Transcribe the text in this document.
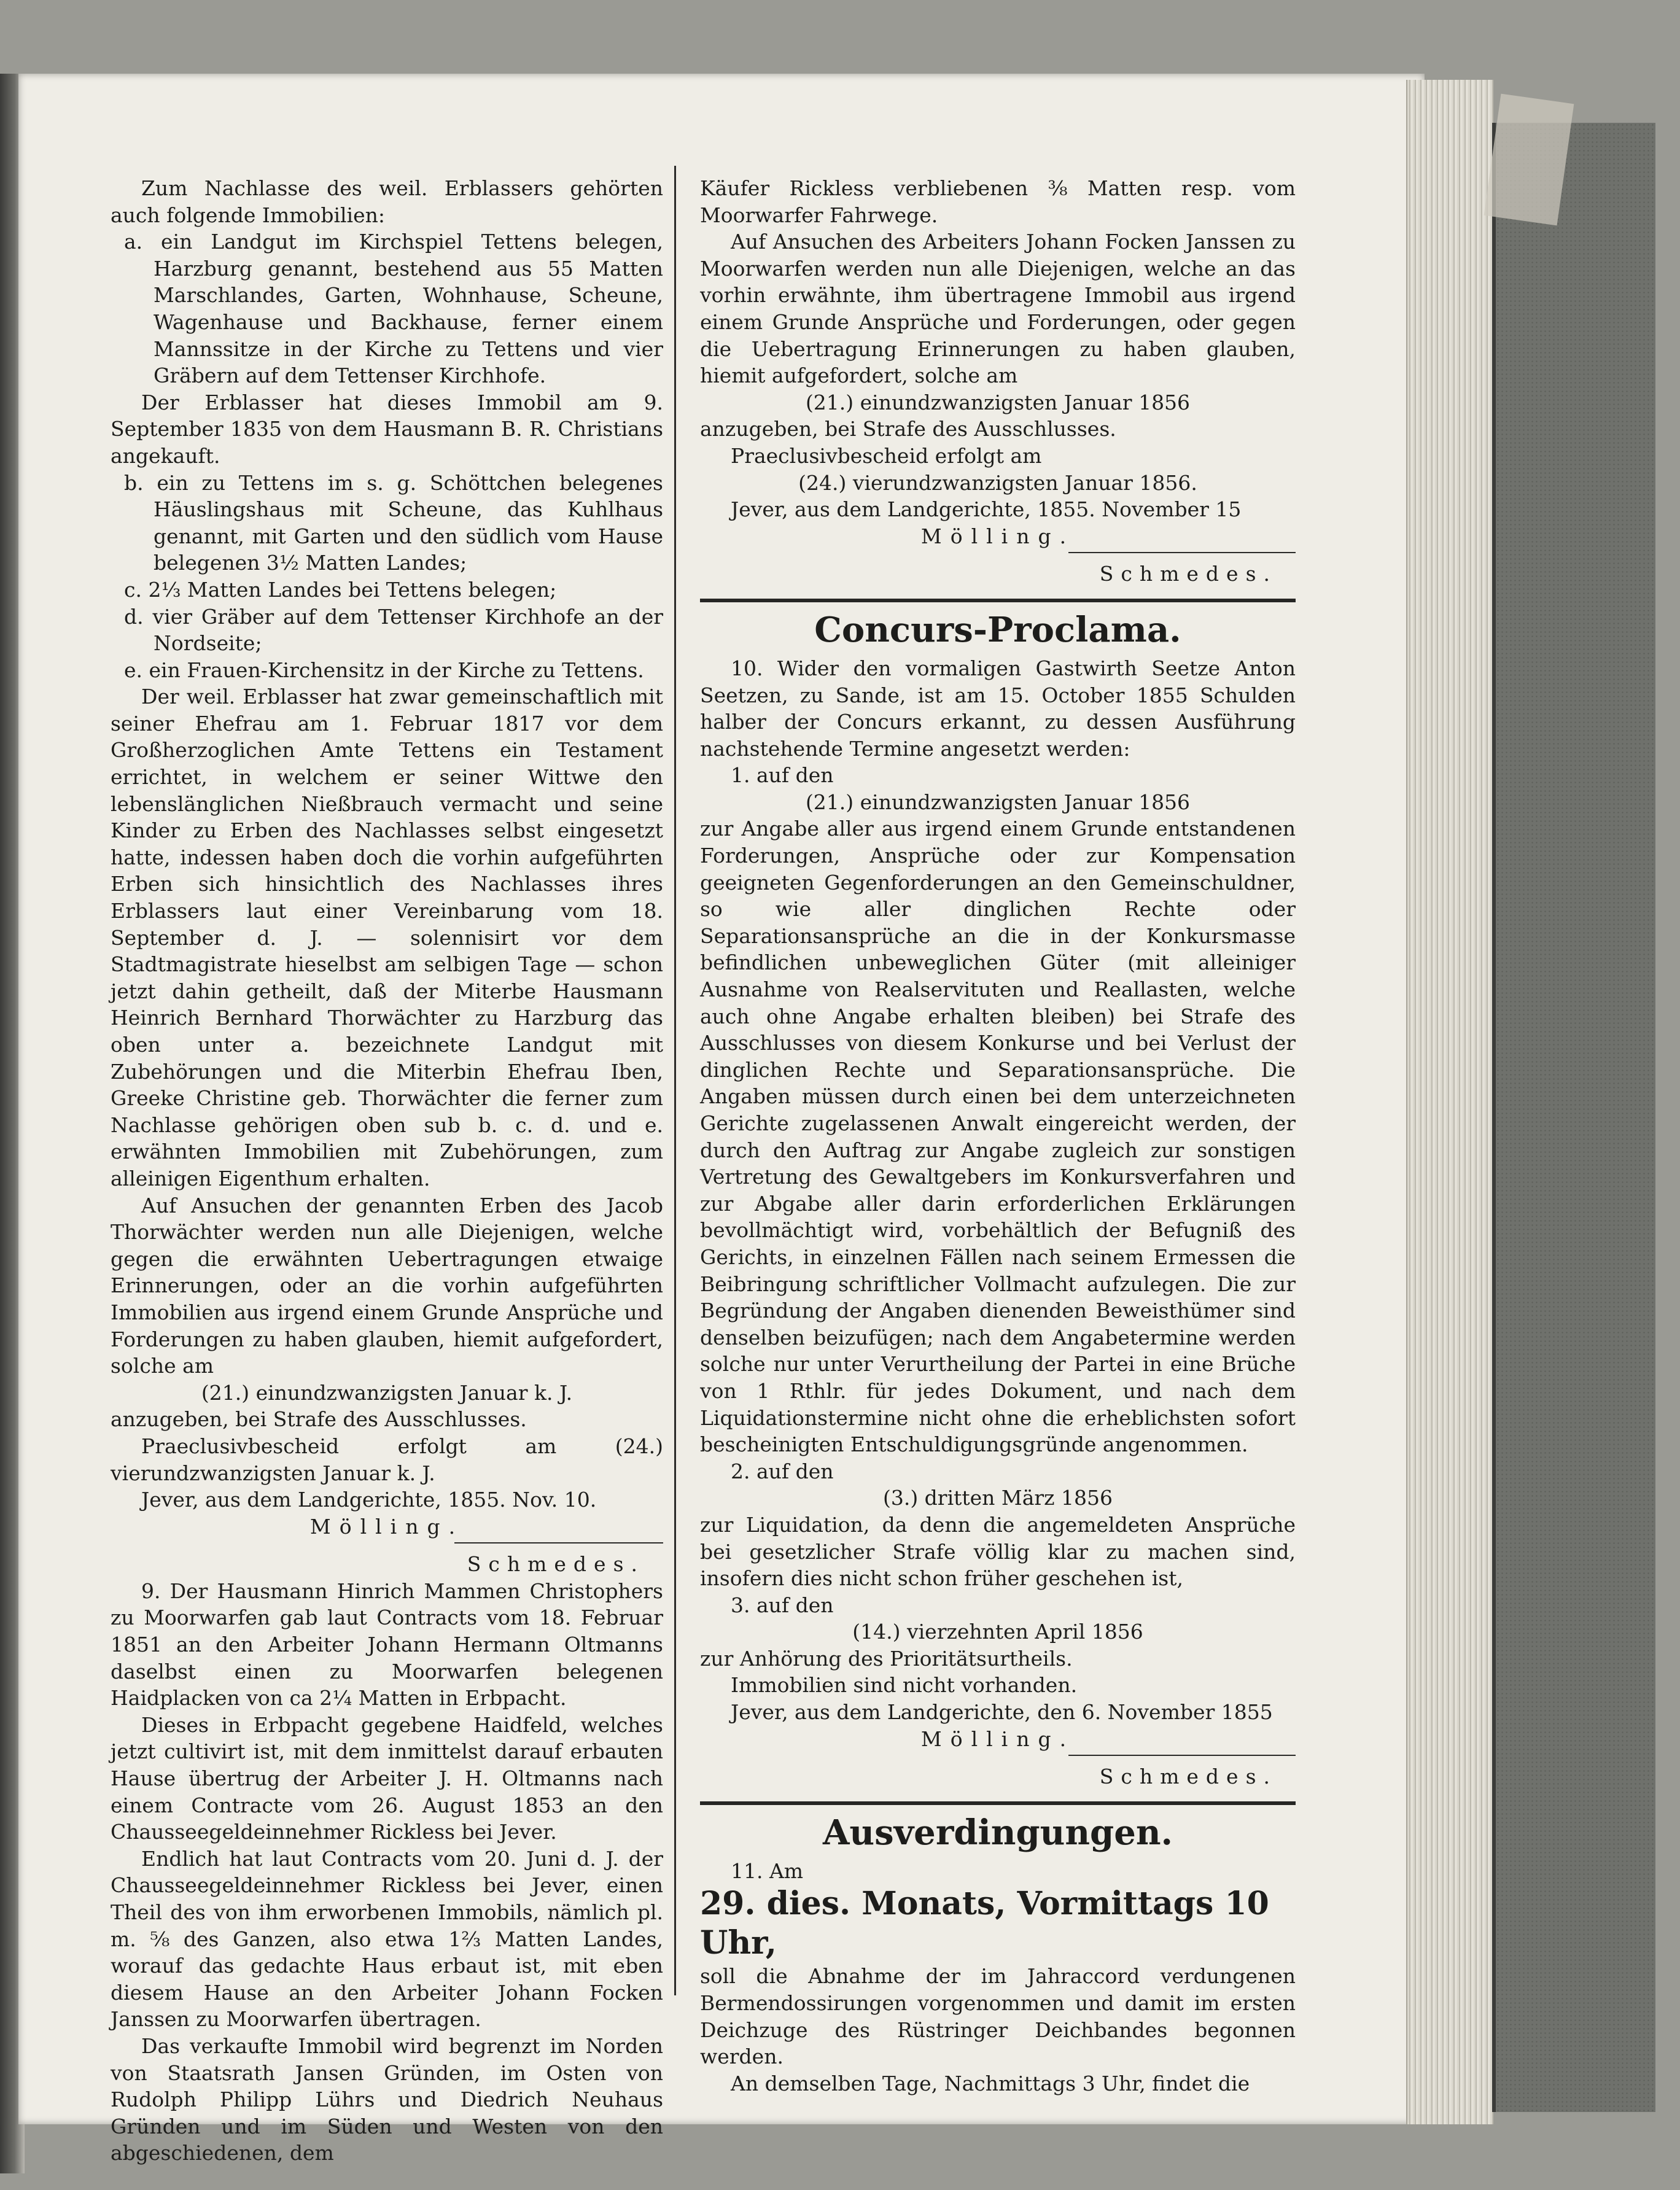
Zum Nachlasse des weil. Erblassers gehörten auch folgende Immobilien:

a. ein Landgut im Kirchspiel Tettens belegen, Harzburg genannt, bestehend aus 55 Matten Marschlandes, Garten, Wohnhause, Scheune, Wagenhause und Backhause, ferner einem Mannssitze in der Kirche zu Tettens und vier Gräbern auf dem Tettenser Kirchhofe.

Der Erblasser hat dieses Immobil am 9. September 1835 von dem Hausmann B. R. Christians angekauft.

b. ein zu Tettens im s. g. Schöttchen belegenes Häuslingshaus mit Scheune, das Kuhlhaus genannt, mit Garten und den südlich vom Hause belegenen 3½ Matten Landes;

c. 2⅓ Matten Landes bei Tettens belegen;

d. vier Gräber auf dem Tettenser Kirchhofe an der Nordseite;

e. ein Frauen-Kirchensitz in der Kirche zu Tettens.

Der weil. Erblasser hat zwar gemeinschaftlich mit seiner Ehefrau am 1. Februar 1817 vor dem Großherzoglichen Amte Tettens ein Testament errichtet, in welchem er seiner Wittwe den lebenslänglichen Nießbrauch vermacht und seine Kinder zu Erben des Nachlasses selbst eingesetzt hatte, indessen haben doch die vorhin aufgeführten Erben sich hinsichtlich des Nachlasses ihres Erblassers laut einer Vereinbarung vom 18. September d. J. — solennisirt vor dem Stadtmagistrate hieselbst am selbigen Tage — schon jetzt dahin getheilt, daß der Miterbe Hausmann Heinrich Bernhard Thorwächter zu Harzburg das oben unter a. bezeichnete Landgut mit Zubehörungen und die Miterbin Ehefrau Iben, Greeke Christine geb. Thorwächter die ferner zum Nachlasse gehörigen oben sub b. c. d. und e. erwähnten Immobilien mit Zubehörungen, zum alleinigen Eigenthum erhalten.

Auf Ansuchen der genannten Erben des Jacob Thorwächter werden nun alle Diejenigen, welche gegen die erwähnten Uebertragungen etwaige Erinnerungen, oder an die vorhin aufgeführten Immobilien aus irgend einem Grunde Ansprüche und Forderungen zu haben glauben, hiemit aufgefordert, solche am

(21.) einundzwanzigsten Januar k. J.

anzugeben, bei Strafe des Ausschlusses.

Praeclusivbescheid erfolgt am (24.) vierundzwanzigsten Januar k. J.

Jever, aus dem Landgerichte, 1855. Nov. 10.

Mölling.

Schmedes.

9. Der Hausmann Hinrich Mammen Christophers zu Moorwarfen gab laut Contracts vom 18. Februar 1851 an den Arbeiter Johann Hermann Oltmanns daselbst einen zu Moorwarfen belegenen Haidplacken von ca 2¼ Matten in Erbpacht.

Dieses in Erbpacht gegebene Haidfeld, welches jetzt cultivirt ist, mit dem inmittelst darauf erbauten Hause übertrug der Arbeiter J. H. Oltmanns nach einem Contracte vom 26. August 1853 an den Chausseegeldeinnehmer Rickless bei Jever.

Endlich hat laut Contracts vom 20. Juni d. J. der Chausseegeldeinnehmer Rickless bei Jever, einen Theil des von ihm erworbenen Immobils, nämlich pl. m. ⅝ des Ganzen, also etwa 1⅔ Matten Landes, worauf das gedachte Haus erbaut ist, mit eben diesem Hause an den Arbeiter Johann Focken Janssen zu Moorwarfen übertragen.

Das verkaufte Immobil wird begrenzt im Norden von Staatsrath Jansen Gründen, im Osten von Rudolph Philipp Lührs und Diedrich Neuhaus Gründen und im Süden und Westen von den abgeschiedenen, dem

Käufer Rickless verbliebenen ⅜ Matten resp. vom Moorwarfer Fahrwege.

Auf Ansuchen des Arbeiters Johann Focken Janssen zu Moorwarfen werden nun alle Diejenigen, welche an das vorhin erwähnte, ihm übertragene Immobil aus irgend einem Grunde Ansprüche und Forderungen, oder gegen die Uebertragung Erinnerungen zu haben glauben, hiemit aufgefordert, solche am

(21.) einundzwanzigsten Januar 1856

anzugeben, bei Strafe des Ausschlusses.

Praeclusivbescheid erfolgt am

(24.) vierundzwanzigsten Januar 1856.

Jever, aus dem Landgerichte, 1855. November 15

Mölling.

Schmedes.

Concurs-Proclama.

10. Wider den vormaligen Gastwirth Seetze Anton Seetzen, zu Sande, ist am 15. October 1855 Schulden halber der Concurs erkannt, zu dessen Ausführung nachstehende Termine angesetzt werden:

1. auf den

(21.) einundzwanzigsten Januar 1856

zur Angabe aller aus irgend einem Grunde entstandenen Forderungen, Ansprüche oder zur Kompensation geeigneten Gegenforderungen an den Gemeinschuldner, so wie aller dinglichen Rechte oder Separationsansprüche an die in der Konkursmasse befindlichen unbeweglichen Güter (mit alleiniger Ausnahme von Realservituten und Reallasten, welche auch ohne Angabe erhalten bleiben) bei Strafe des Ausschlusses von diesem Konkurse und bei Verlust der dinglichen Rechte und Separationsansprüche. Die Angaben müssen durch einen bei dem unterzeichneten Gerichte zugelassenen Anwalt eingereicht werden, der durch den Auftrag zur Angabe zugleich zur sonstigen Vertretung des Gewaltgebers im Konkursverfahren und zur Abgabe aller darin erforderlichen Erklärungen bevollmächtigt wird, vorbehältlich der Befugniß des Gerichts, in einzelnen Fällen nach seinem Ermessen die Beibringung schriftlicher Vollmacht aufzulegen. Die zur Begründung der Angaben dienenden Beweisthümer sind denselben beizufügen; nach dem Angabetermine werden solche nur unter Verurtheilung der Partei in eine Brüche von 1 Rthlr. für jedes Dokument, und nach dem Liquidationstermine nicht ohne die erheblichsten sofort bescheinigten Entschuldigungsgründe angenommen.

2. auf den

(3.) dritten März 1856

zur Liquidation, da denn die angemeldeten Ansprüche bei gesetzlicher Strafe völlig klar zu machen sind, insofern dies nicht schon früher geschehen ist,

3. auf den

(14.) vierzehnten April 1856

zur Anhörung des Prioritätsurtheils.

Immobilien sind nicht vorhanden.

Jever, aus dem Landgerichte, den 6. November 1855

Mölling.

Schmedes.

Ausverdingungen.

11. Am

29. dies. Monats, Vormittags 10 Uhr,

soll die Abnahme der im Jahraccord verdungenen Bermendossirungen vorgenommen und damit im ersten Deichzuge des Rüstringer Deichbandes begonnen werden.

An demselben Tage, Nachmittags 3 Uhr, findet die
